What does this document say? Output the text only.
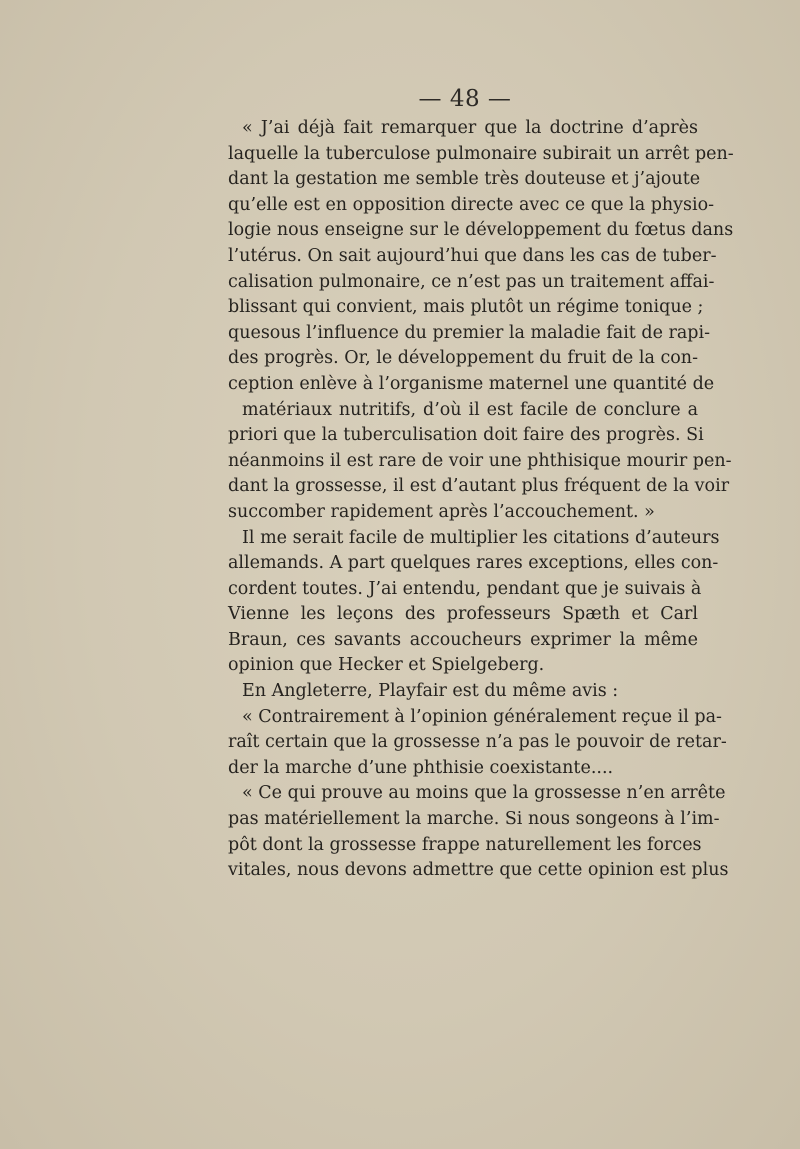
— 48 —
« J’ai déjà fait remarquer que la doctrine d’après
laquelle la tuberculose pulmonaire subirait un arrêt pen-
dant la gestation me semble très douteuse et j’ajoute
qu’elle est en opposition directe avec ce que la physio-
logie nous enseigne sur le développement du fœtus dans
l’utérus. On sait aujourd’hui que dans les cas de tuber-
calisation pulmonaire, ce n’est pas un traitement affai-
blissant qui convient, mais plutôt un régime tonique ;
quesous l’influence du premier la maladie fait de rapi-
des progrès. Or, le développement du fruit de la con-
ception enlève à l’organisme maternel une quantité de
matériaux nutritifs, d’où il est facile de conclure a
priori que la tuberculisation doit faire des progrès. Si
néanmoins il est rare de voir une phthisique mourir pen-
dant la grossesse, il est d’autant plus fréquent de la voir
succomber rapidement après l’accouchement. »
Il me serait facile de multiplier les citations d’auteurs
allemands. A part quelques rares exceptions, elles con-
cordent toutes. J’ai entendu, pendant que je suivais à
Vienne les leçons des professeurs Spæth et Carl
Braun, ces savants accoucheurs exprimer la même
opinion que Hecker et Spielgeberg.
En Angleterre, Playfair est du même avis :
« Contrairement à l’opinion généralement reçue il pa-
raît certain que la grossesse n’a pas le pouvoir de retar-
der la marche d’une phthisie coexistante....
« Ce qui prouve au moins que la grossesse n’en arrête
pas matériellement la marche. Si nous songeons à l’im-
pôt dont la grossesse frappe naturellement les forces
vitales, nous devons admettre que cette opinion est plus
